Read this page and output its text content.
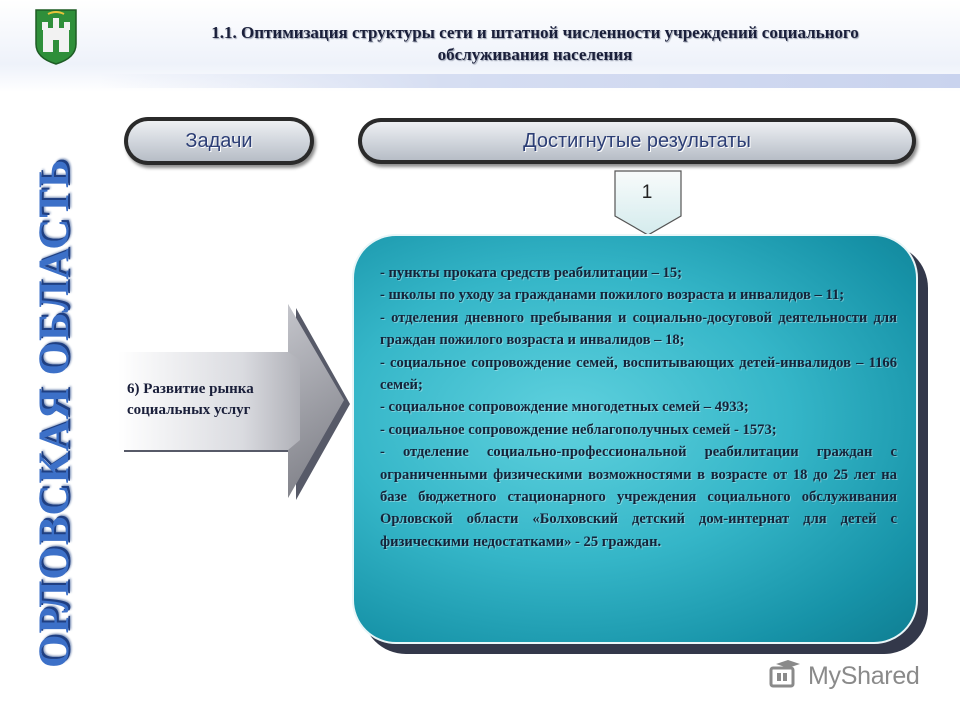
1.1. Оптимизация структуры сети и штатной численности учреждений социального
обслуживания населения
ОРЛОВСКАЯ ОБЛАСТЬ
Задачи	Достигнутые результаты
1
6) Развитие рынка
социальных услуг
- пункты проката средств реабилитации – 15;
- школы по уходу за гражданами пожилого возраста и инвалидов – 11;
- отделения дневного пребывания и социально-досуговой деятельности для граждан пожилого возраста и инвалидов – 18;
- социальное сопровождение семей, воспитывающих детей-инвалидов – 1166 семей;
- социальное сопровождение многодетных семей – 4933;
- социальное сопровождение неблагополучных семей - 1573;
- отделение социально-профессиональной реабилитации граждан с ограниченными физическими возможностями в возрасте от 18 до 25 лет на базе бюджетного стационарного учреждения социального обслуживания Орловской области «Болховский детский дом-интернат для детей с физическими недостатками» - 25 граждан.
MyShared
